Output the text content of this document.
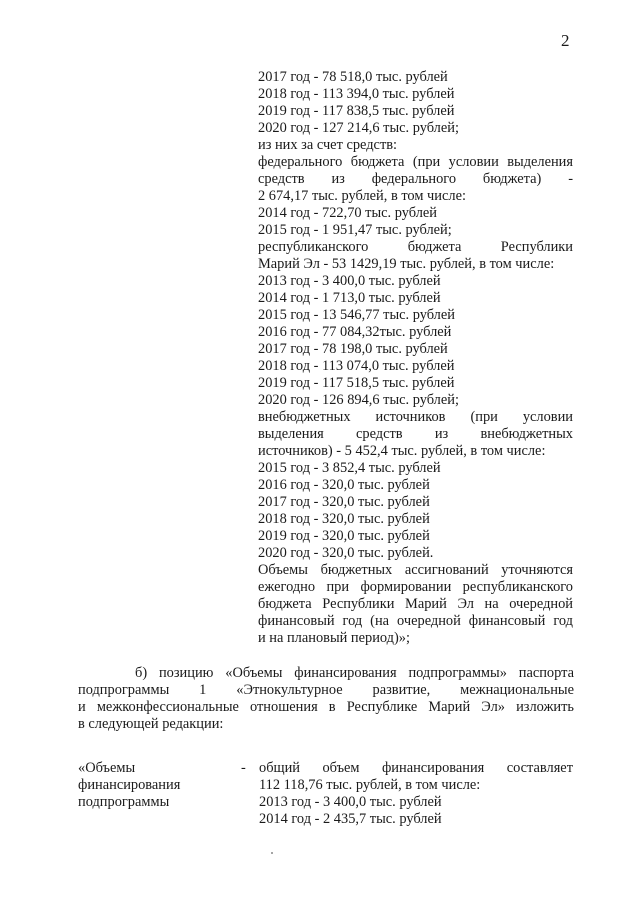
2
2017 год - 78 518,0 тыс. рублей
2018 год - 113 394,0 тыс. рублей
2019 год - 117 838,5 тыс. рублей
2020 год - 127 214,6 тыс. рублей;
из них за счет средств:
федерального бюджета (при условии выделения
средств из федерального бюджета) -
2 674,17 тыс. рублей, в том числе:
2014 год - 722,70 тыс. рублей
2015 год - 1 951,47 тыс. рублей;
республиканского бюджета Республики
Марий Эл - 53 1429,19 тыс. рублей, в том числе:
2013 год - 3 400,0 тыс. рублей
2014 год - 1 713,0 тыс. рублей
2015 год - 13 546,77 тыс. рублей
2016 год - 77 084,32тыс. рублей
2017 год - 78 198,0 тыс. рублей
2018 год - 113 074,0 тыс. рублей
2019 год - 117 518,5 тыс. рублей
2020 год - 126 894,6 тыс. рублей;
внебюджетных источников (при условии
выделения средств из внебюджетных
источников) - 5 452,4 тыс. рублей, в том числе:
2015 год - 3 852,4 тыс. рублей
2016 год - 320,0 тыс. рублей
2017 год - 320,0 тыс. рублей
2018 год - 320,0 тыс. рублей
2019 год - 320,0 тыс. рублей
2020 год - 320,0 тыс. рублей.
Объемы бюджетных ассигнований уточняются
ежегодно при формировании республиканского
бюджета Республики Марий Эл на очередной
финансовый год (на очередной финансовый год
и на плановый период)»;
б) позицию «Объемы финансирования подпрограммы» паспорта
подпрограммы 1 «Этнокультурное развитие, межнациональные
и межконфессиональные отношения в Республике Марий Эл» изложить
в следующей редакции:
«Объемы
финансирования
подпрограммы
- общий объем финансирования составляет
112 118,76 тыс. рублей, в том числе:
2013 год - 3 400,0 тыс. рублей
2014 год - 2 435,7 тыс. рублей
